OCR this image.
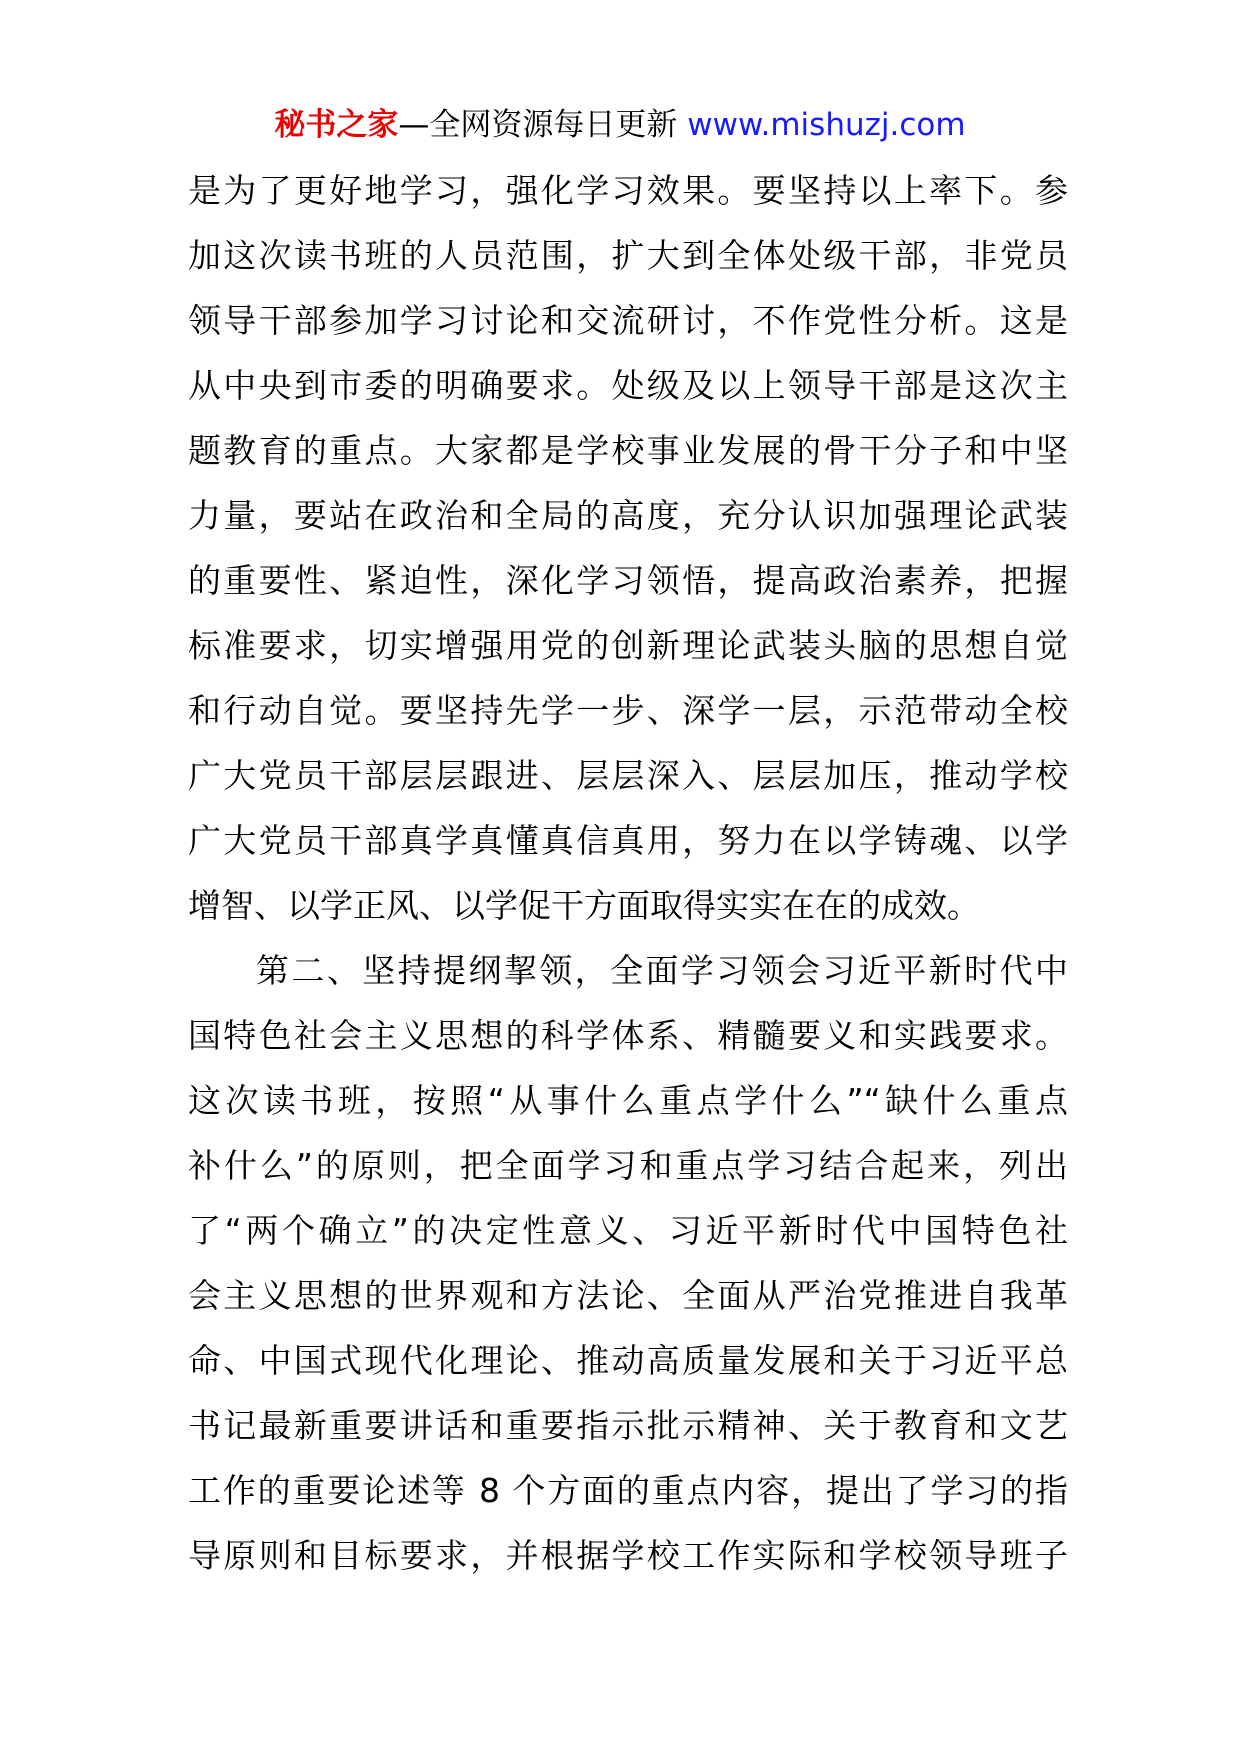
秘书之家—全网资源每日更新 www.mishuzj.com
是为了更好地学习，强化学习效果。要坚持以上率下。参
加这次读书班的人员范围，扩大到全体处级干部，非党员
领导干部参加学习讨论和交流研讨，不作党性分析。这是
从中央到市委的明确要求。处级及以上领导干部是这次主
题教育的重点。大家都是学校事业发展的骨干分子和中坚
力量，要站在政治和全局的高度，充分认识加强理论武装
的重要性、紧迫性，深化学习领悟，提高政治素养，把握
标准要求，切实增强用党的创新理论武装头脑的思想自觉
和行动自觉。要坚持先学一步、深学一层，示范带动全校
广大党员干部层层跟进、层层深入、层层加压，推动学校
广大党员干部真学真懂真信真用，努力在以学铸魂、以学
增智、以学正风、以学促干方面取得实实在在的成效。
第二、坚持提纲挈领，全面学习领会习近平新时代中
国特色社会主义思想的科学体系、精髓要义和实践要求。
这次读书班，按照“从事什么重点学什么”“缺什么重点
补什么”的原则，把全面学习和重点学习结合起来，列出
了“两个确立”的决定性意义、习近平新时代中国特色社
会主义思想的世界观和方法论、全面从严治党推进自我革
命、中国式现代化理论、推动高质量发展和关于习近平总
书记最新重要讲话和重要指示批示精神、关于教育和文艺
工作的重要论述等 8 个方面的重点内容，提出了学习的指
导原则和目标要求，并根据学校工作实际和学校领导班子
